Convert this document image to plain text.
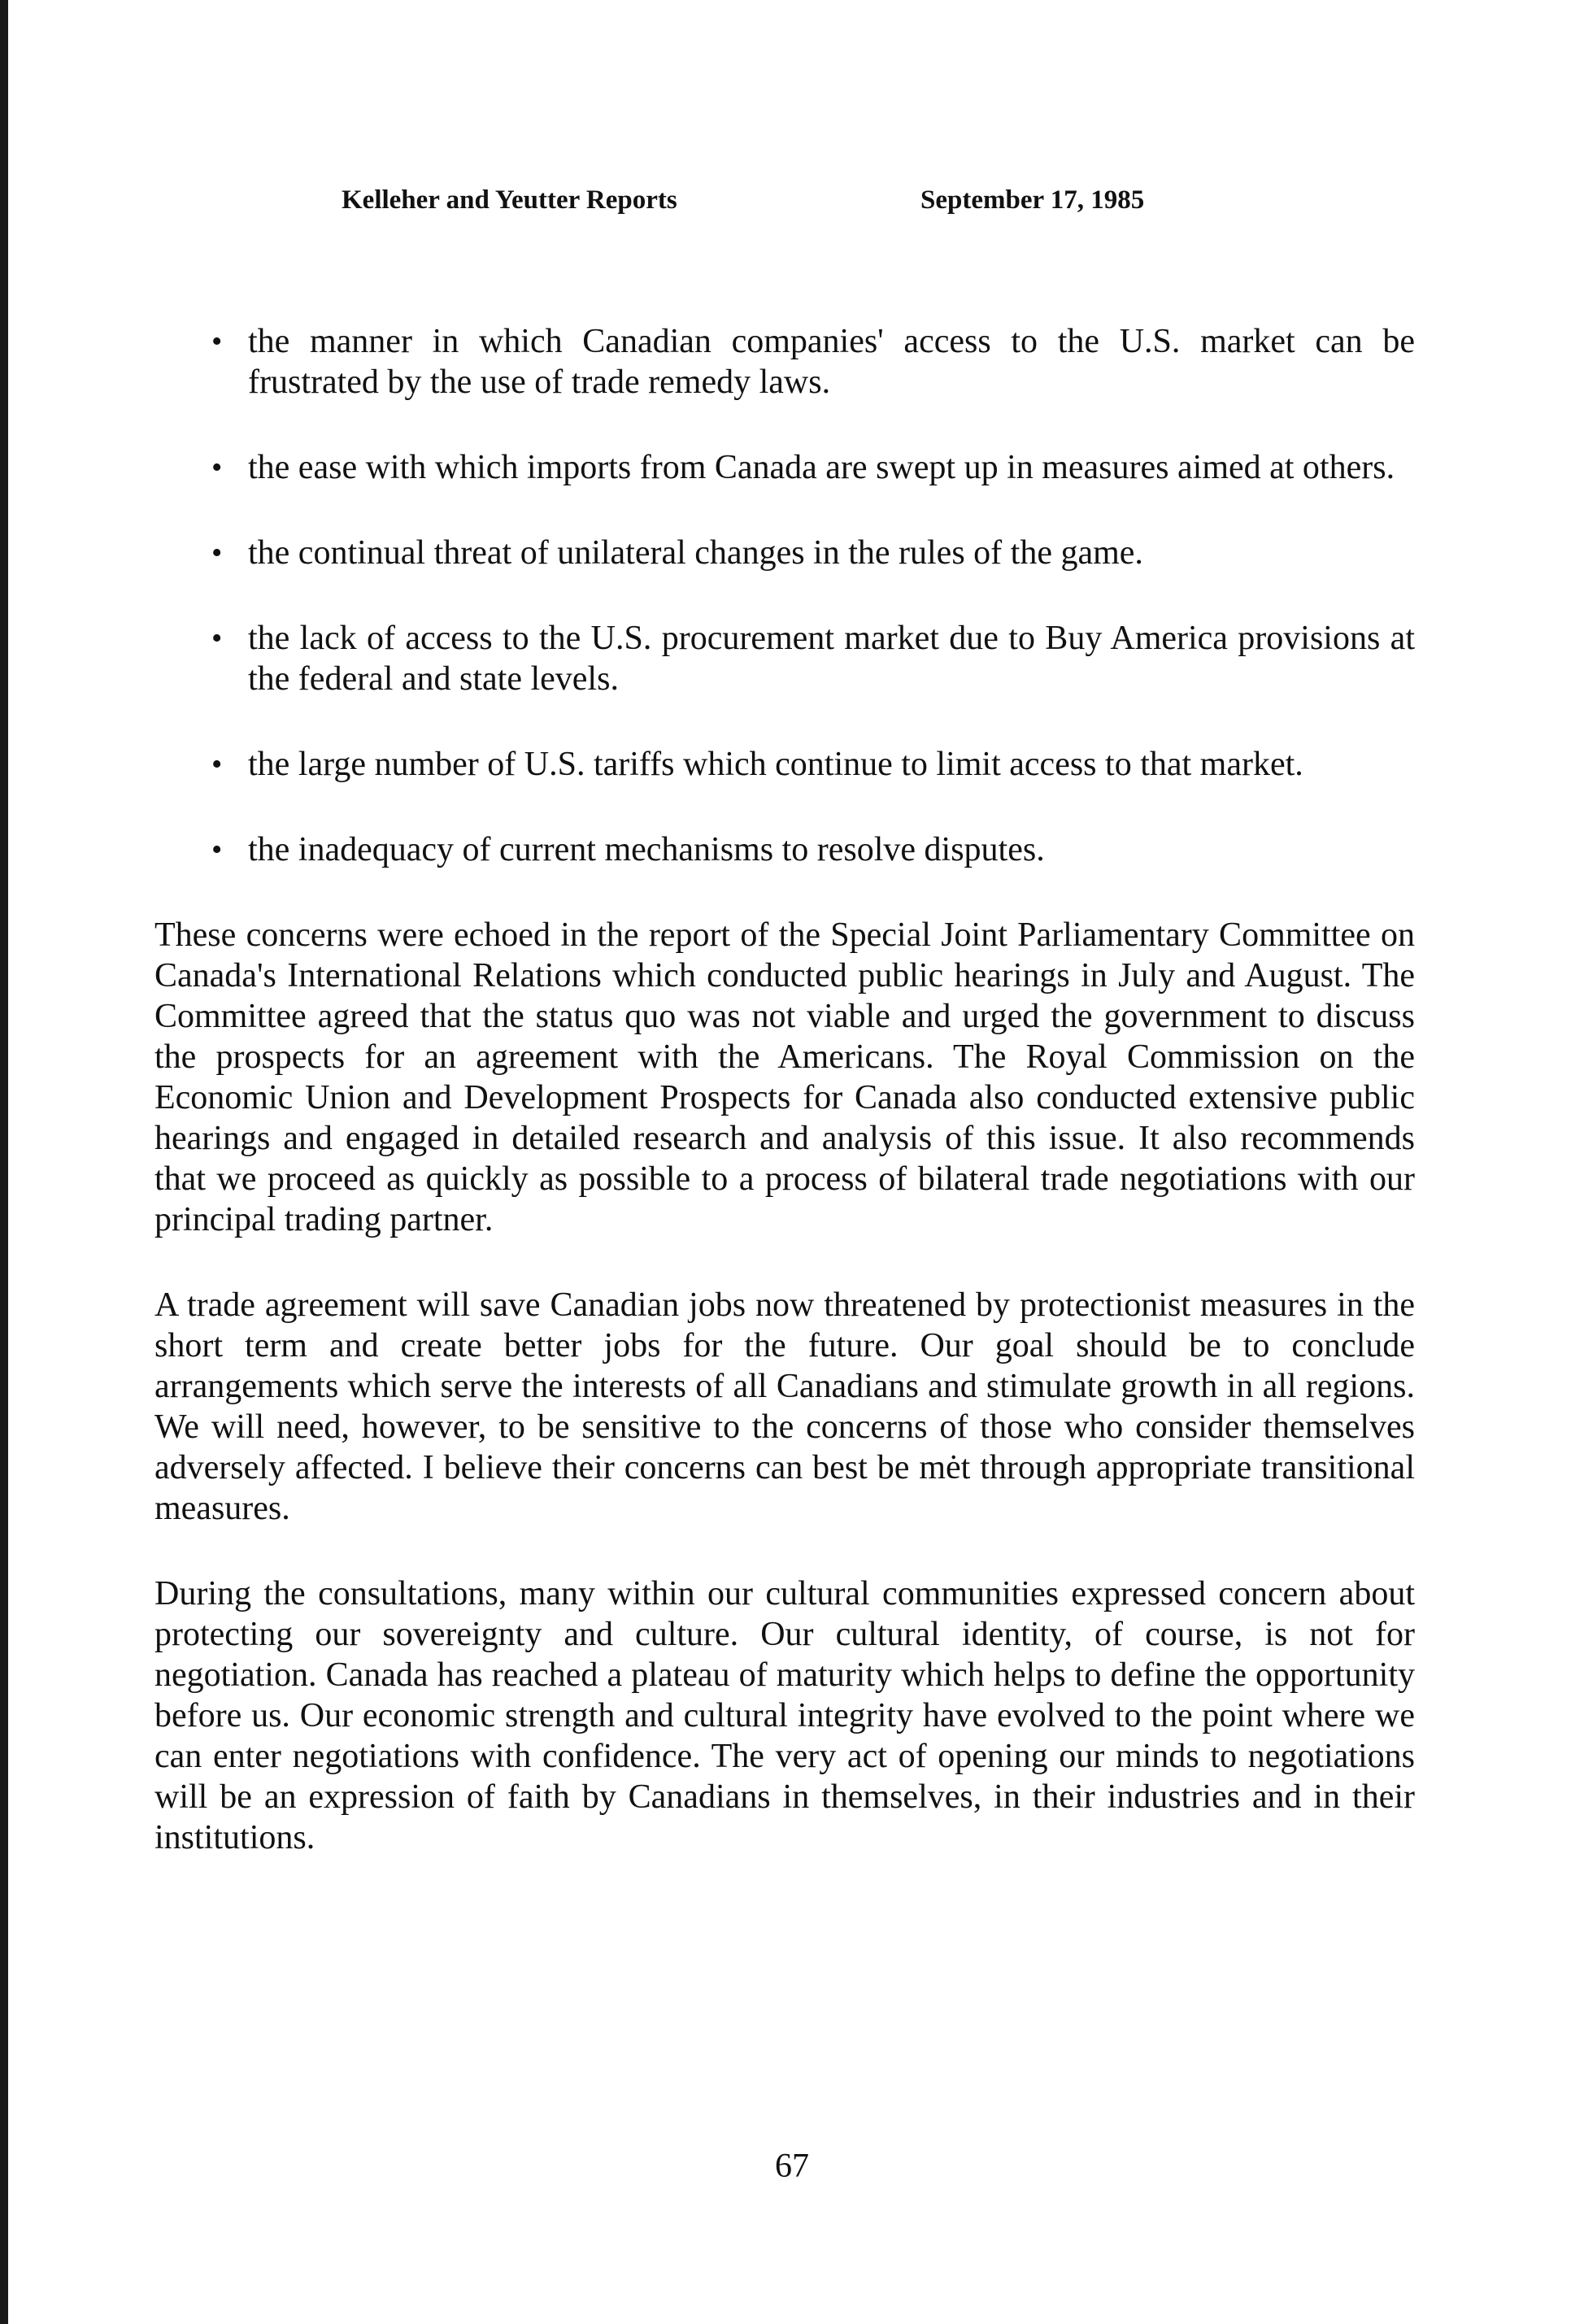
Kelleher and Yeutter Reports	September 17, 1985
• the manner in which Canadian companies' access to the U.S. market can be frustrated by the use of trade remedy laws.
• the ease with which imports from Canada are swept up in measures aimed at others.
• the continual threat of unilateral changes in the rules of the game.
• the lack of access to the U.S. procurement market due to Buy America provisions at the federal and state levels.
• the large number of U.S. tariffs which continue to limit access to that market.
• the inadequacy of current mechanisms to resolve disputes.

These concerns were echoed in the report of the Special Joint Parliamentary Committee on Canada's International Relations which conducted public hearings in July and August. The Committee agreed that the status quo was not viable and urged the government to discuss the prospects for an agreement with the Americans. The Royal Commission on the Economic Union and Development Prospects for Canada also conducted extensive public hearings and engaged in detailed research and analysis of this issue. It also recommends that we proceed as quickly as possible to a process of bilateral trade negotiations with our principal trading partner.

A trade agreement will save Canadian jobs now threatened by protectionist measures in the short term and create better jobs for the future. Our goal should be to conclude arrangements which serve the interests of all Canadians and stimulate growth in all regions. We will need, however, to be sensitive to the concerns of those who consider themselves adversely affected. I believe their concerns can best be mėt through appropriate transitional measures.

During the consultations, many within our cultural communities expressed concern about protecting our sovereignty and culture. Our cultural identity, of course, is not for negotiation. Canada has reached a plateau of maturity which helps to define the opportunity before us. Our economic strength and cultural integrity have evolved to the point where we can enter negotiations with confidence. The very act of opening our minds to negotiations will be an expression of faith by Canadians in themselves, in their industries and in their institutions.

67
